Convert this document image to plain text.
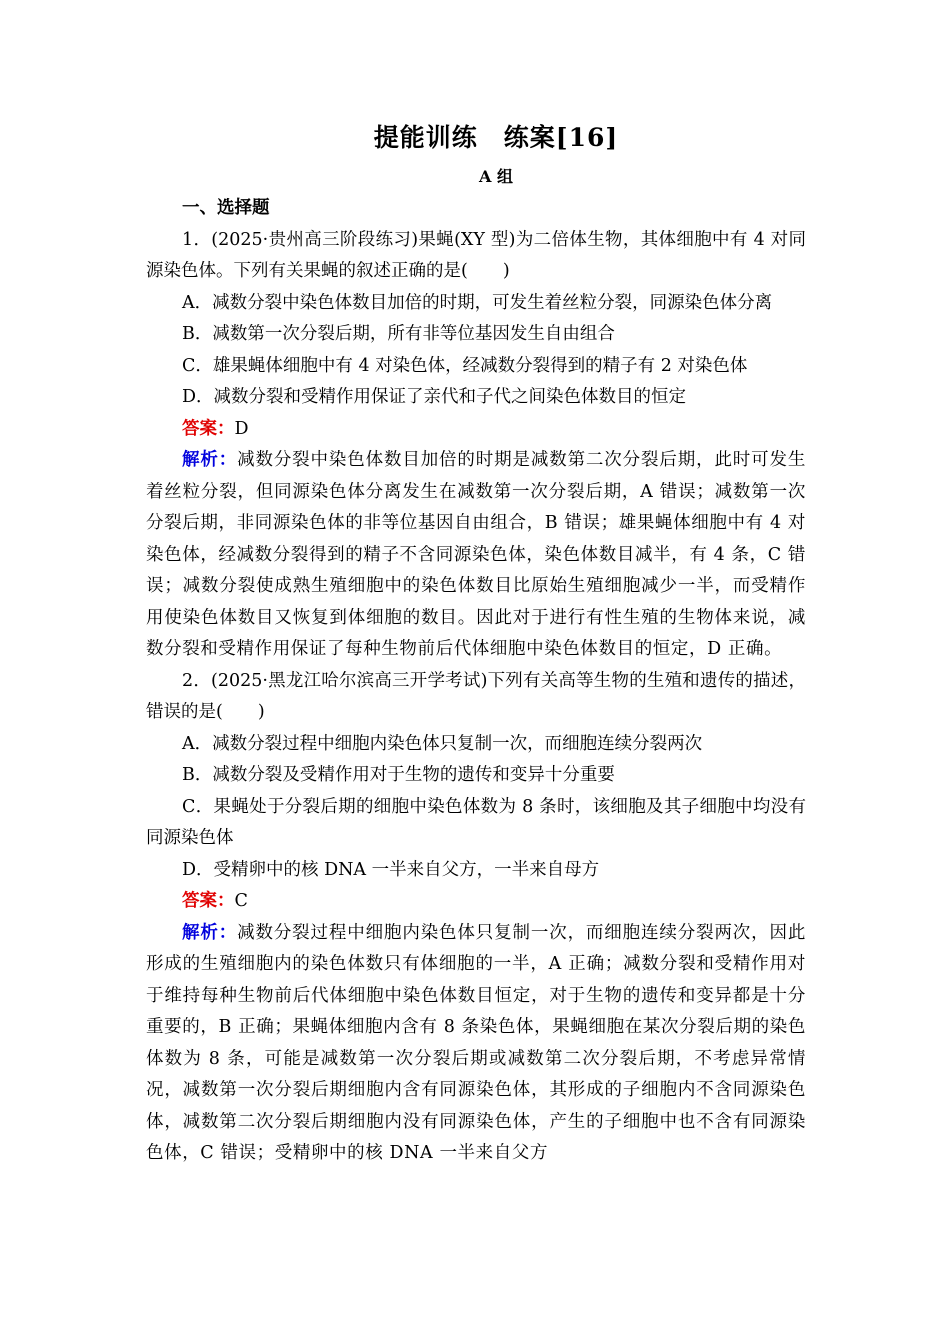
提能训练　练案[16]
A 组

一、选择题

1．(2025·贵州高三阶段练习)果蝇(XY 型)为二倍体生物，其体细胞中有 4 对同源染色体。下列有关果蝇的叙述正确的是(　　)

A．减数分裂中染色体数目加倍的时期，可发生着丝粒分裂，同源染色体分离

B．减数第一次分裂后期，所有非等位基因发生自由组合

C．雄果蝇体细胞中有 4 对染色体，经减数分裂得到的精子有 2 对染色体

D．减数分裂和受精作用保证了亲代和子代之间染色体数目的恒定

答案：D

解析：减数分裂中染色体数目加倍的时期是减数第二次分裂后期，此时可发生着丝粒分裂，但同源染色体分离发生在减数第一次分裂后期，A 错误；减数第一次分裂后期，非同源染色体的非等位基因自由组合，B 错误；雄果蝇体细胞中有 4 对染色体，经减数分裂得到的精子不含同源染色体，染色体数目减半，有 4 条，C 错误；减数分裂使成熟生殖细胞中的染色体数目比原始生殖细胞减少一半，而受精作用使染色体数目又恢复到体细胞的数目。因此对于进行有性生殖的生物体来说，减数分裂和受精作用保证了每种生物前后代体细胞中染色体数目的恒定，D 正确。

2．(2025·黑龙江哈尔滨高三开学考试)下列有关高等生物的生殖和遗传的描述，错误的是(　　)

A．减数分裂过程中细胞内染色体只复制一次，而细胞连续分裂两次

B．减数分裂及受精作用对于生物的遗传和变异十分重要

C．果蝇处于分裂后期的细胞中染色体数为 8 条时，该细胞及其子细胞中均没有同源染色体

D．受精卵中的核 DNA 一半来自父方，一半来自母方

答案：C

解析：减数分裂过程中细胞内染色体只复制一次，而细胞连续分裂两次，因此形成的生殖细胞内的染色体数只有体细胞的一半，A 正确；减数分裂和受精作用对于维持每种生物前后代体细胞中染色体数目恒定，对于生物的遗传和变异都是十分重要的，B 正确；果蝇体细胞内含有 8 条染色体，果蝇细胞在某次分裂后期的染色体数为 8 条，可能是减数第一次分裂后期或减数第二次分裂后期，不考虑异常情况，减数第一次分裂后期细胞内含有同源染色体，其形成的子细胞内不含同源染色体，减数第二次分裂后期细胞内没有同源染色体，产生的子细胞中也不含有同源染色体，C 错误；受精卵中的核 DNA 一半来自父方
